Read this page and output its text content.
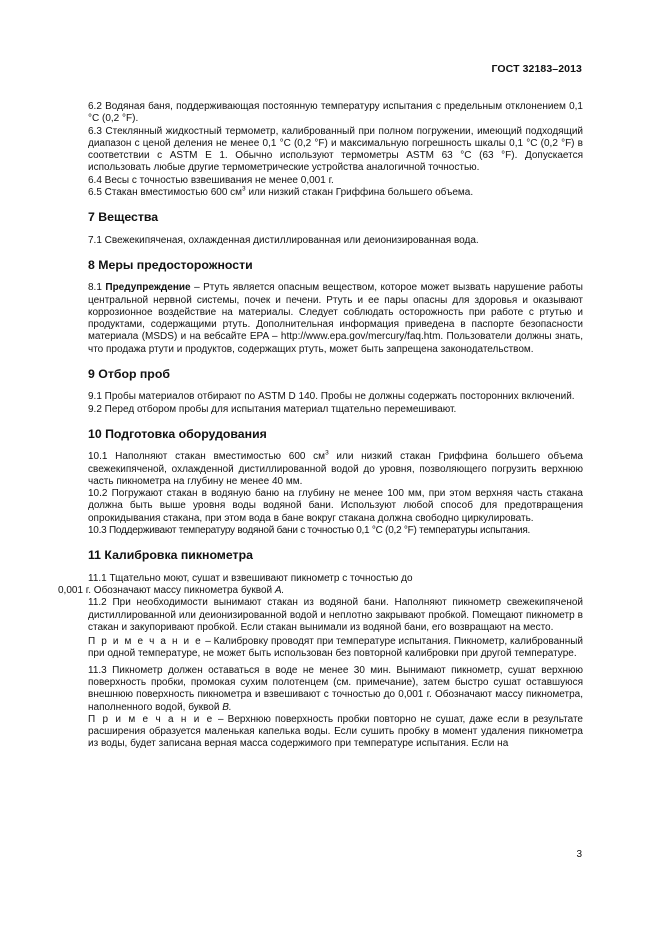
ГОСТ 32183–2013

6.2 Водяная баня, поддерживающая постоянную температуру испытания с предельным отклонением 0,1 °С (0,2 °F).

6.3 Стеклянный жидкостный термометр, калиброванный при полном погружении, имеющий подходящий диапазон с ценой деления не менее 0,1 °С (0,2 °F) и максимальную погрешность шкалы 0,1 °С (0,2 °F) в соответствии с ASTM E 1. Обычно используют термометры ASTM 63 °С (63 °F). Допускается использовать любые другие термометрические устройства аналогичной точностью.

6.4 Весы с точностью взвешивания не менее 0,001 г.

6.5 Стакан вместимостью 600 $см^3$ или низкий стакан Гриффина большего объема.

7 Вещества

7.1 Свежекипяченая, охлажденная дистиллированная или деионизированная вода.

8 Меры предосторожности

8.1 Предупреждение – Ртуть является опасным веществом, которое может вызвать нарушение работы центральной нервной системы, почек и печени. Ртуть и ее пары опасны для здоровья и оказывают коррозионное воздействие на материалы. Следует соблюдать осторожность при работе с ртутью и продуктами, содержащими ртуть. Дополнительная информация приведена в паспорте безопасности материала (MSDS) и на вебсайте EPA – http://www.epa.gov/mercury/faq.htm. Пользователи должны знать, что продажа ртути и продуктов, содержащих ртуть, может быть запрещена законодательством.

9 Отбор проб

9.1 Пробы материалов отбирают по ASTM D 140. Пробы не должны содержать посторонних включений.

9.2 Перед отбором пробы для испытания материал тщательно перемешивают.

10 Подготовка оборудования

10.1 Наполняют стакан вместимостью 600 $см^3$ или низкий стакан Гриффина большего объема свежекипяченой, охлажденной дистиллированной водой до уровня, позволяющего погрузить верхнюю часть пикнометра на глубину не менее 40 мм.

10.2 Погружают стакан в водяную баню на глубину не менее 100 мм, при этом верхняя часть стакана должна быть выше уровня воды водяной бани. Используют любой способ для предотвращения опрокидывания стакана, при этом вода в бане вокруг стакана должна свободно циркулировать.

10.3 Поддерживают температуру водяной бани с точностью 0,1 °С (0,2 °F) температуры испытания.

11 Калибровка пикнометра

11.1 Тщательно моют, сушат и взвешивают пикнометр с точностью до

0,001 г. Обозначают массу пикнометра буквой А.

11.2 При необходимости вынимают стакан из водяной бани. Наполняют пикнометр свежекипяченой дистиллированной или деионизированной водой и неплотно закрывают пробкой. Помещают пикнометр в стакан и закупоривают пробкой. Если стакан вынимали из водяной бани, его возвращают на место.

П р и м е ч а н и е – Калибровку проводят при температуре испытания. Пикнометр, калиброванный при одной температуре, не может быть использован без повторной калибровки при другой температуре.

11.3 Пикнометр должен оставаться в воде не менее 30 мин. Вынимают пикнометр, сушат верхнюю поверхность пробки, промокая сухим полотенцем (см. примечание), затем быстро сушат оставшуюся внешнюю поверхность пикнометра и взвешивают с точностью до 0,001 г. Обозначают массу пикнометра, наполненного водой, буквой В.

П р и м е ч а н и е – Верхнюю поверхность пробки повторно не сушат, даже если в результате расширения образуется маленькая капелька воды. Если сушить пробку в момент удаления пикнометра из воды, будет записана верная масса содержимого при температуре испытания. Если на

3
